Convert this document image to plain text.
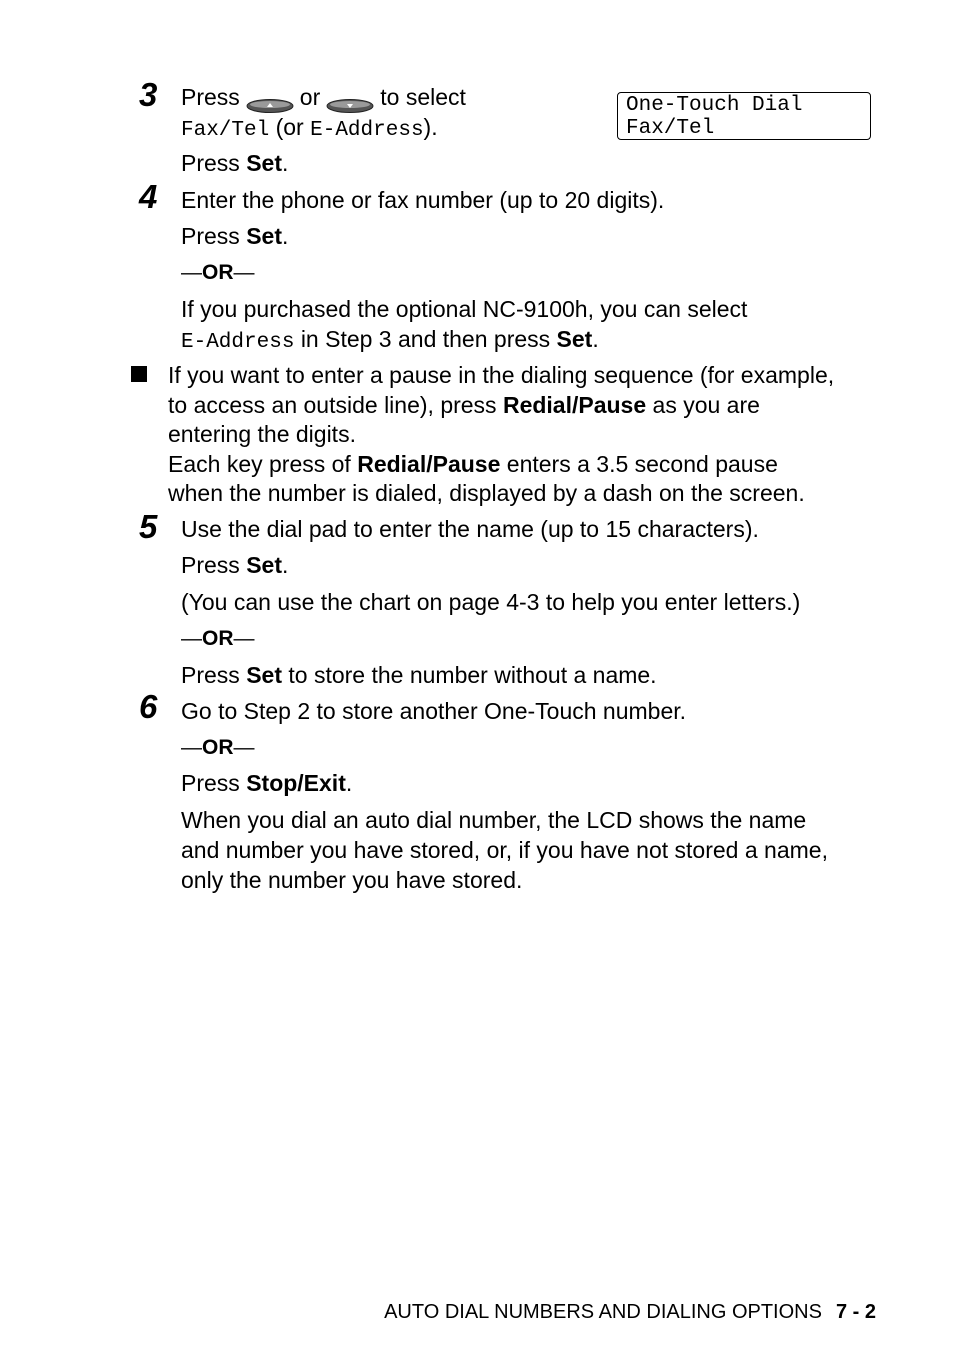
3 Press	or	to select
Fax/Tel (or E-Address).
Press Set.
One-Touch Dial
Fax/Tel
4 Enter the phone or fax number (up to 20 digits).
Press Set.
—OR—
If you purchased the optional NC-9100h, you can select
E-Address in Step 3 and then press Set.
If you want to enter a pause in the dialing sequence (for example,
to access an outside line), press Redial/Pause as you are
entering the digits.
Each key press of Redial/Pause enters a 3.5 second pause
when the number is dialed, displayed by a dash on the screen.
5 Use the dial pad to enter the name (up to 15 characters).
Press Set.
(You can use the chart on page 4-3 to help you enter letters.)
—OR—
Press Set to store the number without a name.
6 Go to Step 2 to store another One-Touch number.
—OR—
Press Stop/Exit.
When you dial an auto dial number, the LCD shows the name
and number you have stored, or, if you have not stored a name,
only the number you have stored.
AUTO DIAL NUMBERS AND DIALING OPTIONS 7 - 2
